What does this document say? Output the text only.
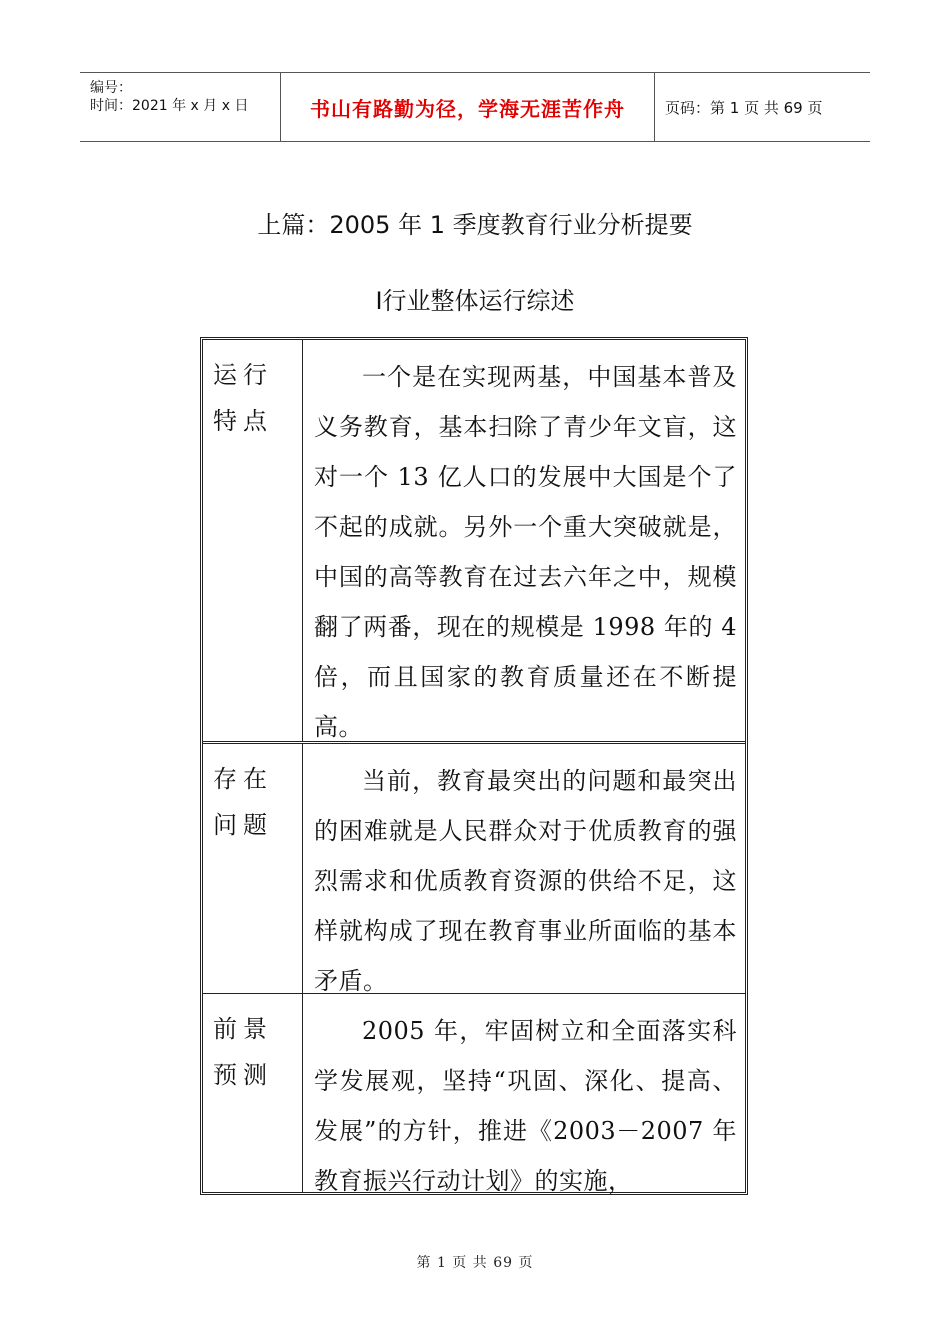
编号：
时间：2021 年 x 月 x 日	书山有路勤为径，学海无涯苦作舟	页码：第 1 页 共 69 页
上篇：2005 年 1 季度教育行业分析提要
I行业整体运行综述
运行特点
一个是在实现两基，中国基本普及义务教育，基本扫除了青少年文盲，这对一个 13 亿人口的发展中大国是个了不起的成就。另外一个重大突破就是，中国的高等教育在过去六年之中，规模翻了两番，现在的规模是 1998 年的 4 倍，而且国家的教育质量还在不断提高。
存在问题
当前，教育最突出的问题和最突出的困难就是人民群众对于优质教育的强烈需求和优质教育资源的供给不足，这样就构成了现在教育事业所面临的基本矛盾。
前景预测
2005 年，牢固树立和全面落实科学发展观，坚持“巩固、深化、提高、发展”的方针，推进《2003－2007 年教育振兴行动计划》的实施，
第 1 页 共 69 页
